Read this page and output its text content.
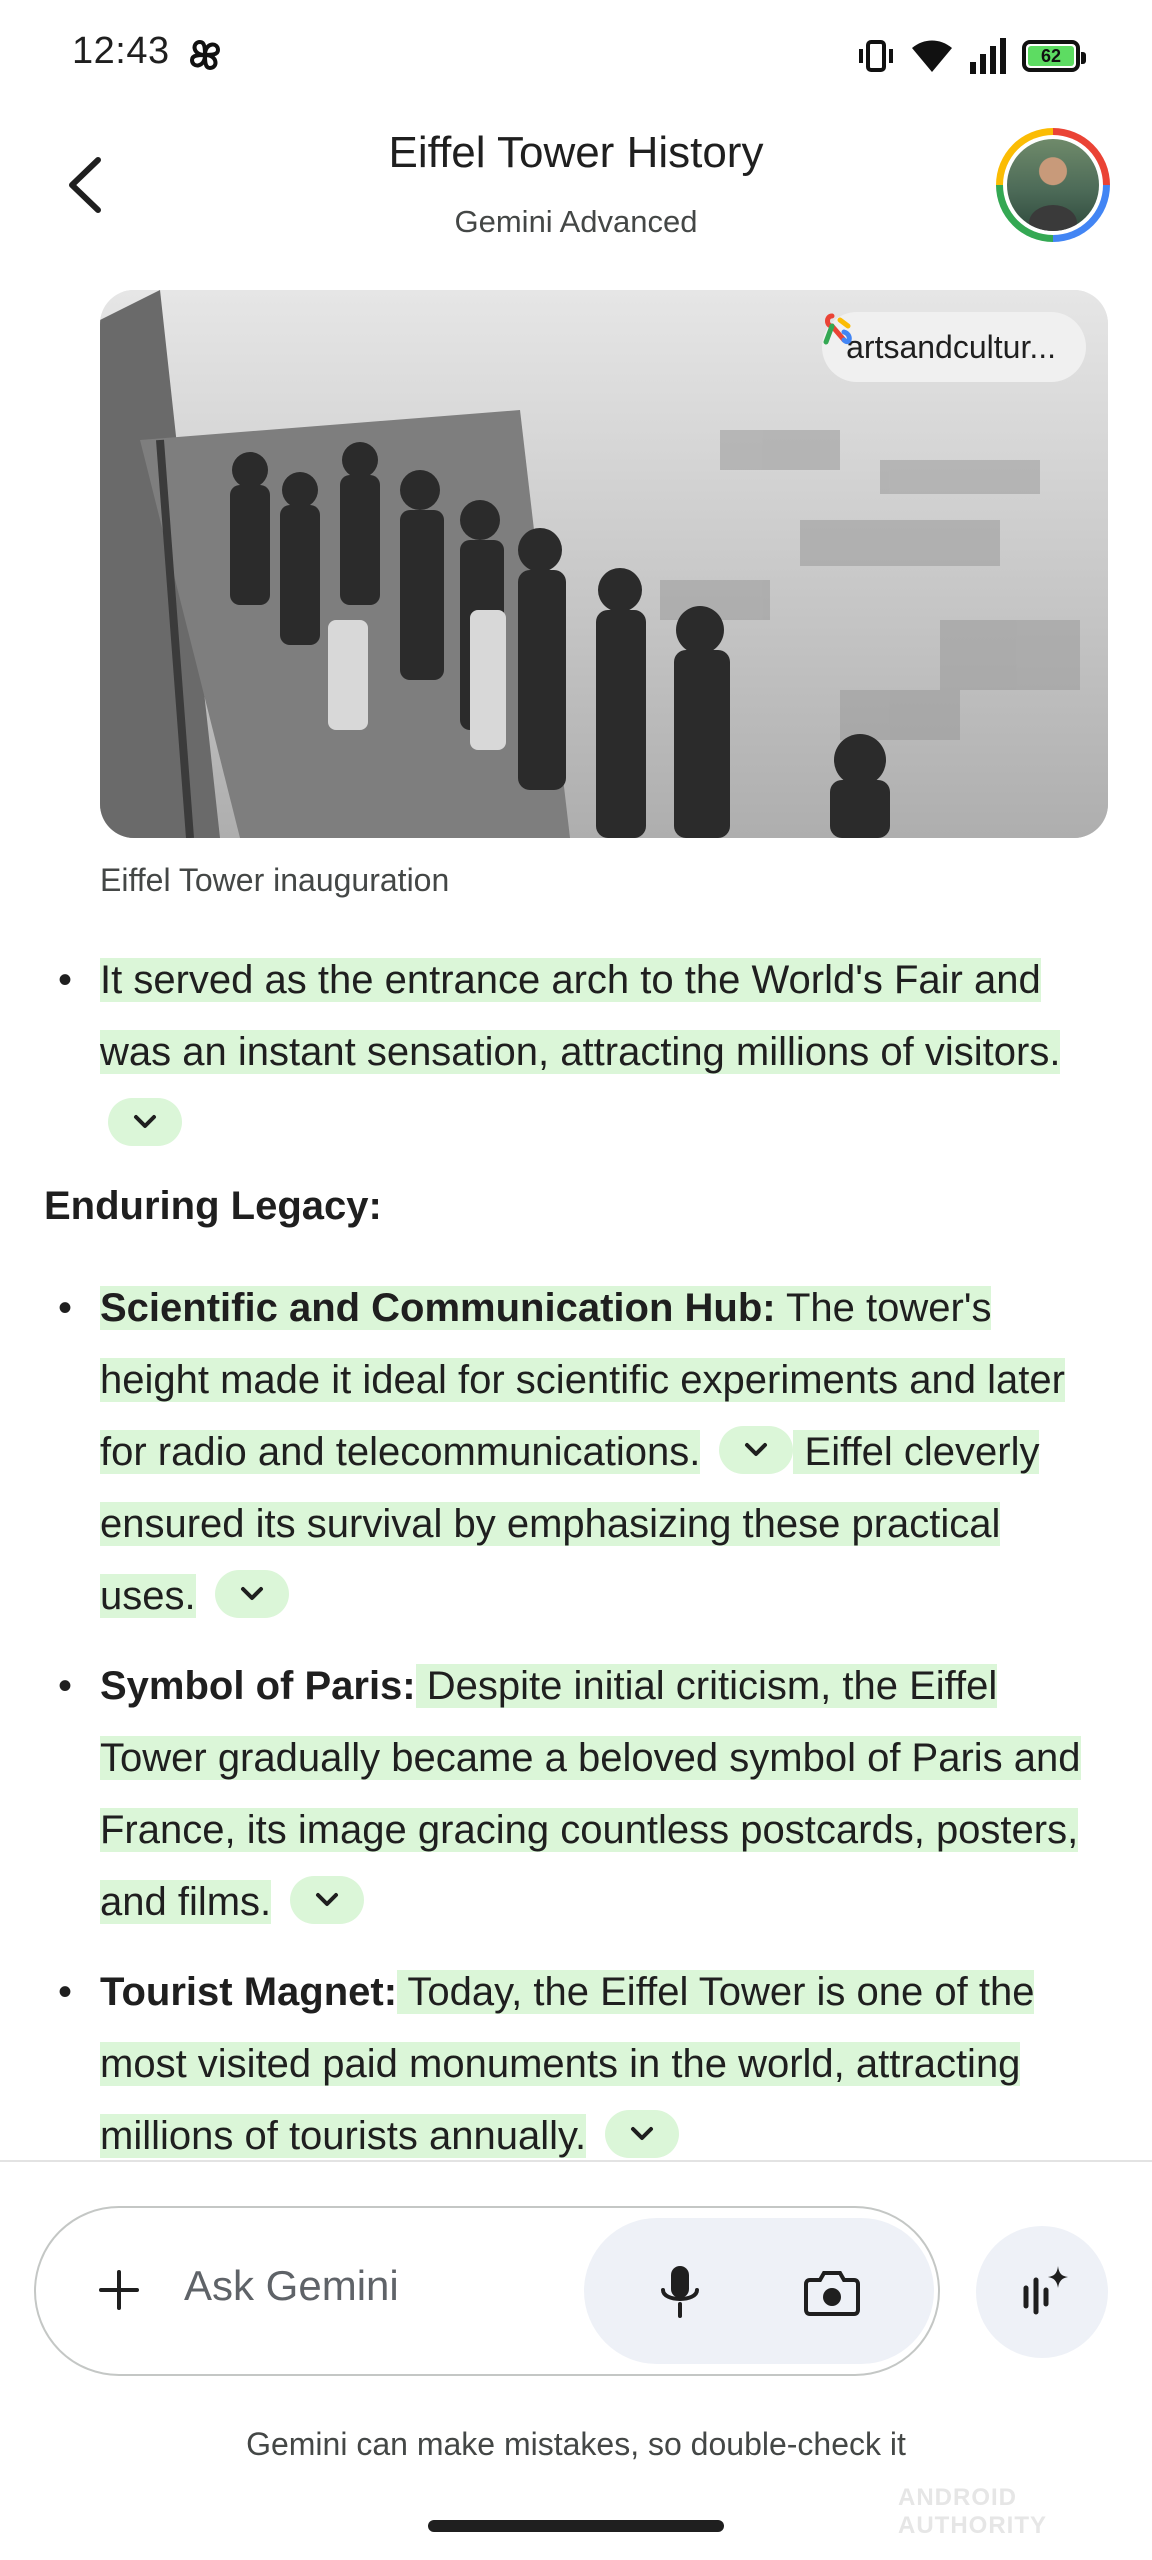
12:43	62
Eiffel Tower History
Gemini Advanced
artsandcultur...
Eiffel Tower inauguration
• It served as the entrance arch to the World's Fair and was an instant sensation, attracting millions of visitors.
Enduring Legacy:
• Scientific and Communication Hub: The tower's height made it ideal for scientific experiments and later for radio and telecommunications.
Eiffel cleverly ensured its survival by emphasizing these practical uses.
• Symbol of Paris: Despite initial criticism, the Eiffel Tower gradually became a beloved symbol of Paris and France, its image gracing countless postcards, posters, and films.
• Tourist Magnet: Today, the Eiffel Tower is one of the most visited paid monuments in the world, attracting millions of tourists annually.
Ask Gemini
Gemini can make mistakes, so double-check it
ANDROID AUTHORITY
